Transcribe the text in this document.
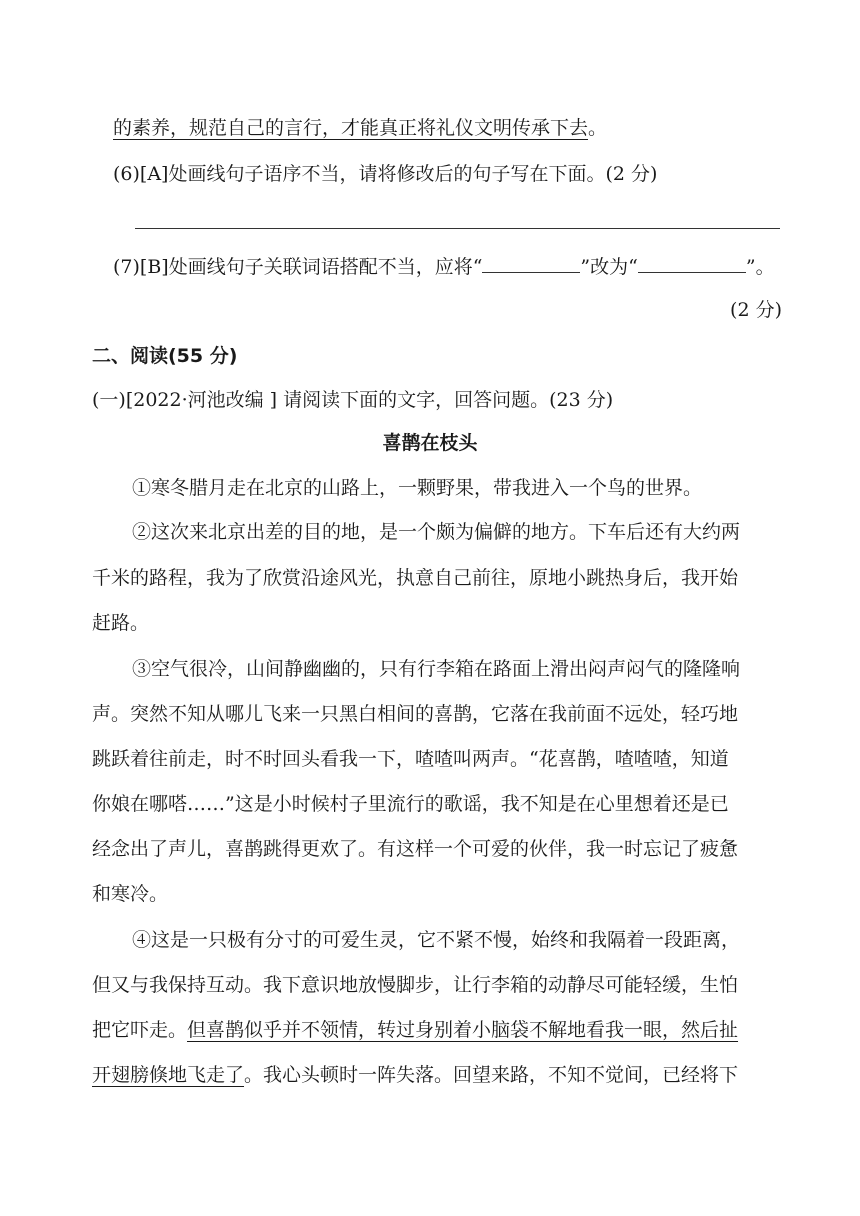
的素养，规范自己的言行，才能真正将礼仪文明传承下去。
(6)[A]处画线句子语序不当，请将修改后的句子写在下面。(2 分)
(7)[B]处画线句子关联词语搭配不当，应将“	”改为“	”。
(2 分)
二、阅读(55 分)
(一)[2022·河池改编 ] 请阅读下面的文字，回答问题。(23 分)
喜鹊在枝头
①寒冬腊月走在北京的山路上，一颗野果，带我进入一个鸟的世界。
②这次来北京出差的目的地，是一个颇为偏僻的地方。下车后还有大约两
千米的路程，我为了欣赏沿途风光，执意自己前往，原地小跳热身后，我开始
赶路。
③空气很冷，山间静幽幽的，只有行李箱在路面上滑出闷声闷气的隆隆响
声。突然不知从哪儿飞来一只黑白相间的喜鹊，它落在我前面不远处，轻巧地
跳跃着往前走，时不时回头看我一下，喳喳叫两声。“花喜鹊，喳喳喳，知道
你娘在哪嗒……”这是小时候村子里流行的歌谣，我不知是在心里想着还是已
经念出了声儿，喜鹊跳得更欢了。有这样一个可爱的伙伴，我一时忘记了疲惫
和寒冷。
④这是一只极有分寸的可爱生灵，它不紧不慢，始终和我隔着一段距离，
但又与我保持互动。我下意识地放慢脚步，让行李箱的动静尽可能轻缓，生怕
把它吓走。但喜鹊似乎并不领情，转过身别着小脑袋不解地看我一眼，然后扯
开翅膀倏地飞走了。我心头顿时一阵失落。回望来路，不知不觉间，已经将下
